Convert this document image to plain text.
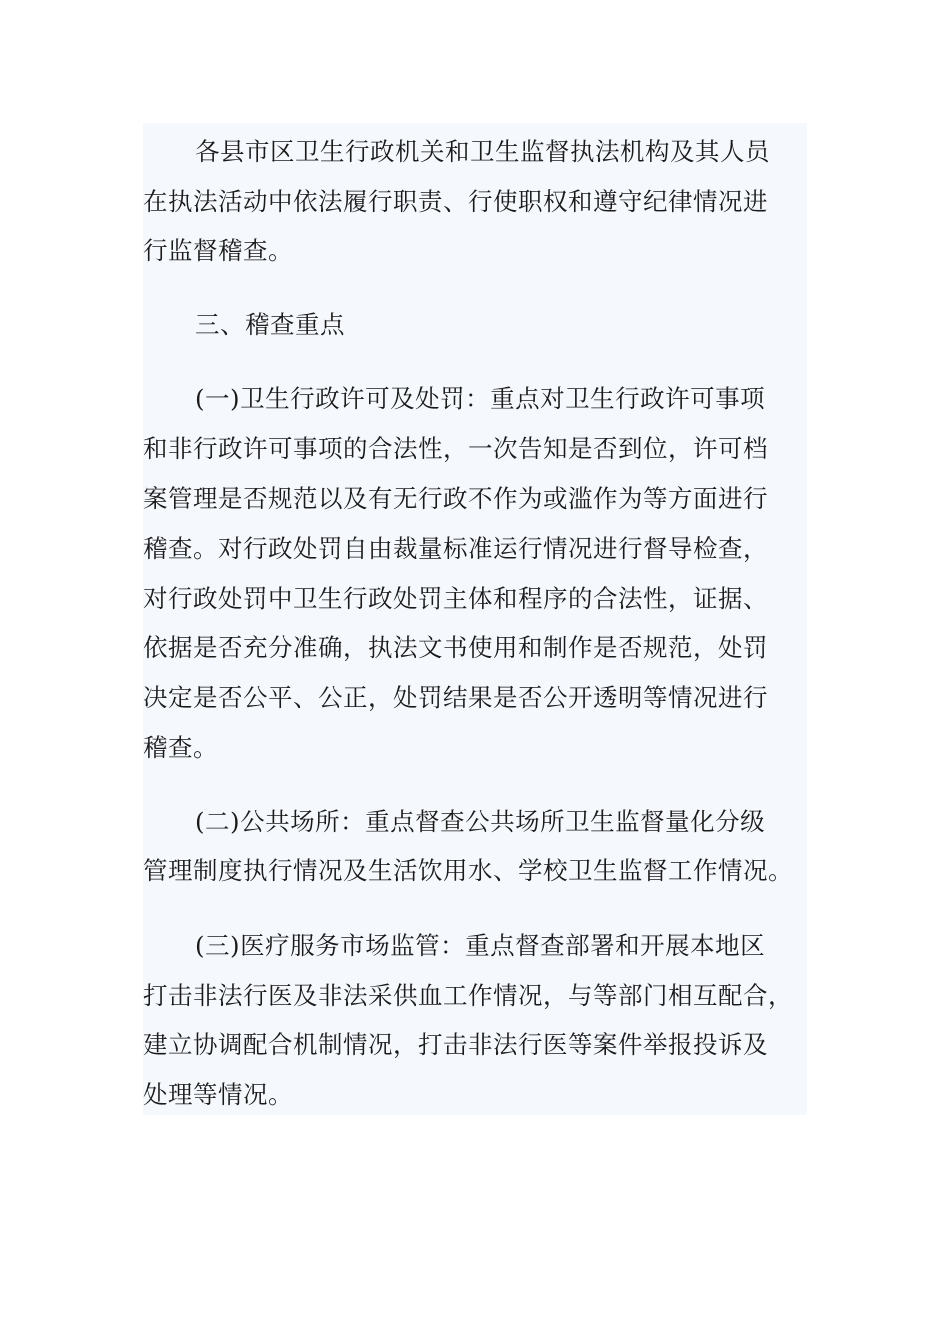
各县市区卫生行政机关和卫生监督执法机构及其人员
在执法活动中依法履行职责、行使职权和遵守纪律情况进
行监督稽查。
三、稽查重点
(一)卫生行政许可及处罚：重点对卫生行政许可事项
和非行政许可事项的合法性，一次告知是否到位，许可档
案管理是否规范以及有无行政不作为或滥作为等方面进行
稽查。对行政处罚自由裁量标准运行情况进行督导检查，
对行政处罚中卫生行政处罚主体和程序的合法性，证据、
依据是否充分准确，执法文书使用和制作是否规范，处罚
决定是否公平、公正，处罚结果是否公开透明等情况进行
稽查。
(二)公共场所：重点督查公共场所卫生监督量化分级
管理制度执行情况及生活饮用水、学校卫生监督工作情况。
(三)医疗服务市场监管：重点督查部署和开展本地区
打击非法行医及非法采供血工作情况，与等部门相互配合，
建立协调配合机制情况，打击非法行医等案件举报投诉及
处理等情况。
